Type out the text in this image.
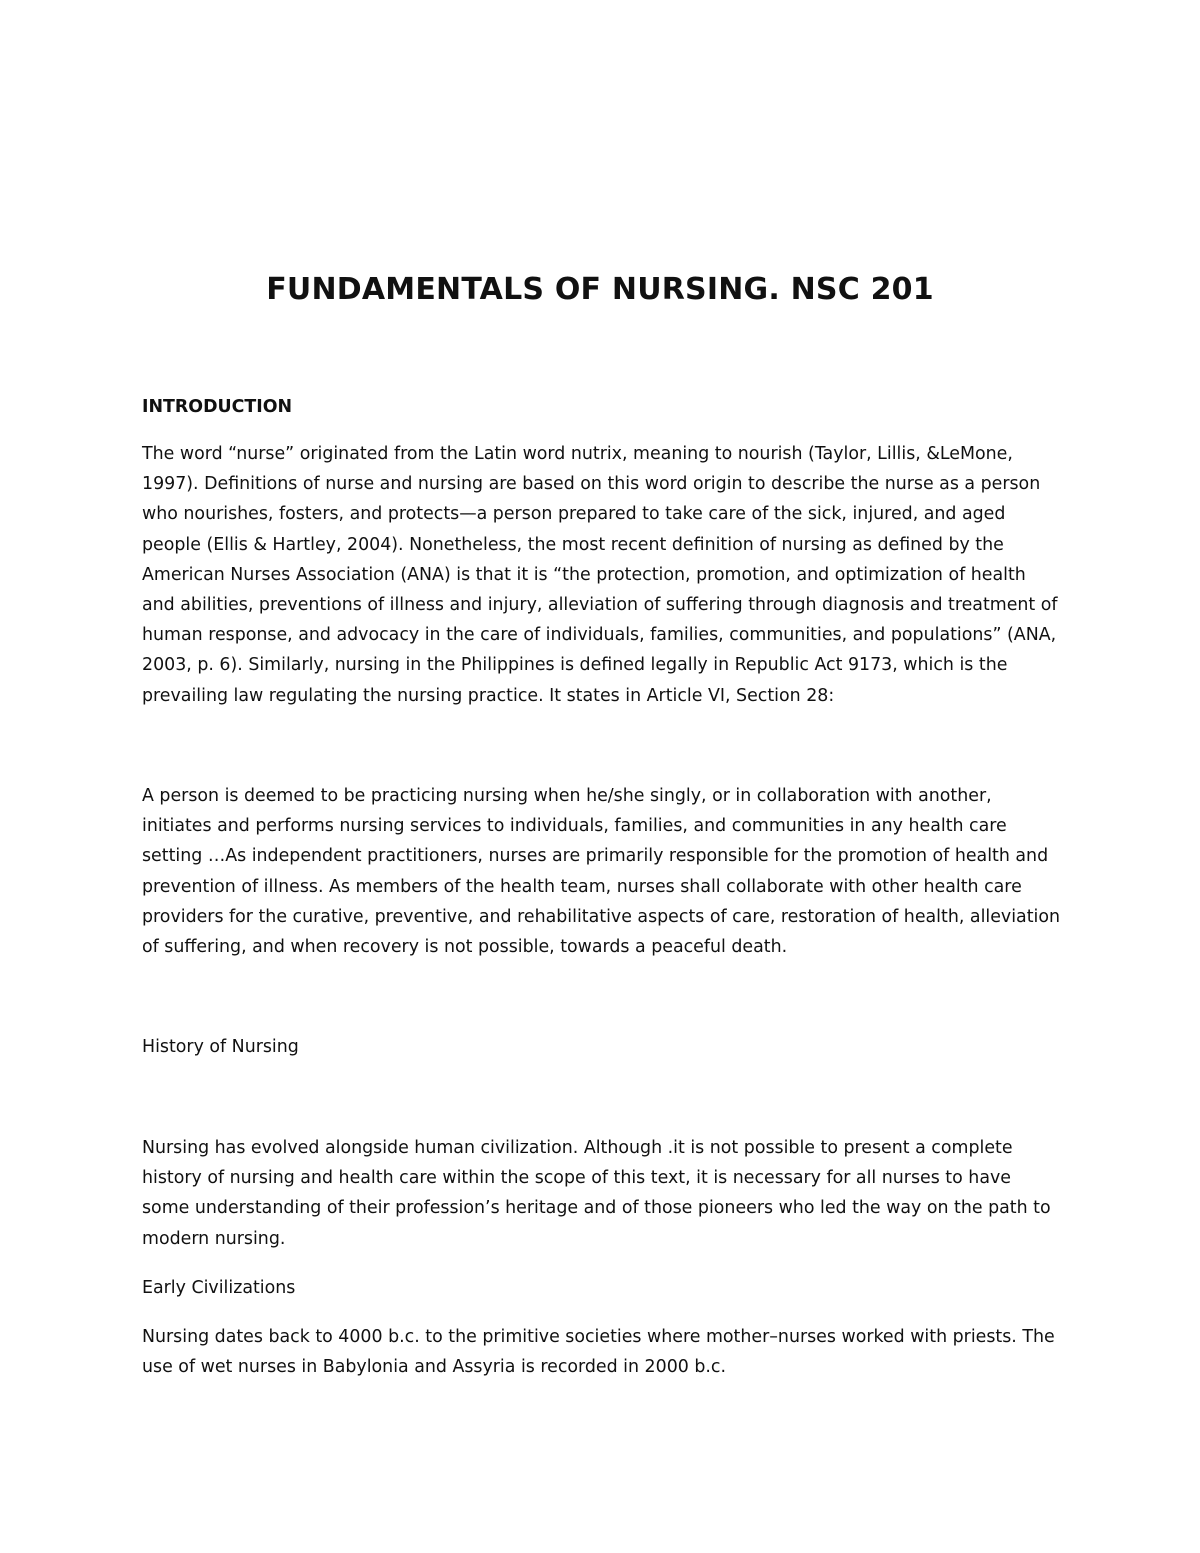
FUNDAMENTALS OF NURSING. NSC 201

INTRODUCTION

The word “nurse” originated from the Latin word nutrix, meaning to nourish (Taylor, Lillis, &LeMone, 1997). Definitions of nurse and nursing are based on this word origin to describe the nurse as a person who nourishes, fosters, and protects—a person prepared to take care of the sick, injured, and aged people (Ellis & Hartley, 2004). Nonetheless, the most recent definition of nursing as defined by the American Nurses Association (ANA) is that it is “the protection, promotion, and optimization of health and abilities, preventions of illness and injury, alleviation of suffering through diagnosis and treatment of human response, and advocacy in the care of individuals, families, communities, and populations” (ANA, 2003, p. 6). Similarly, nursing in the Philippines is defined legally in Republic Act 9173, which is the prevailing law regulating the nursing practice. It states in Article VI, Section 28:

A person is deemed to be practicing nursing when he/she singly, or in collaboration with another, initiates and performs nursing services to individuals, families, and communities in any health care setting …As independent practitioners, nurses are primarily responsible for the promotion of health and prevention of illness. As members of the health team, nurses shall collaborate with other health care providers for the curative, preventive, and rehabilitative aspects of care, restoration of health, alleviation of suffering, and when recovery is not possible, towards a peaceful death.

History of Nursing

Nursing has evolved alongside human civilization. Although .it is not possible to present a complete history of nursing and health care within the scope of this text, it is necessary for all nurses to have some understanding of their profession’s heritage and of those pioneers who led the way on the path to modern nursing.

Early Civilizations

Nursing dates back to 4000 b.c. to the primitive societies where mother–nurses worked with priests. The use of wet nurses in Babylonia and Assyria is recorded in 2000 b.c.
